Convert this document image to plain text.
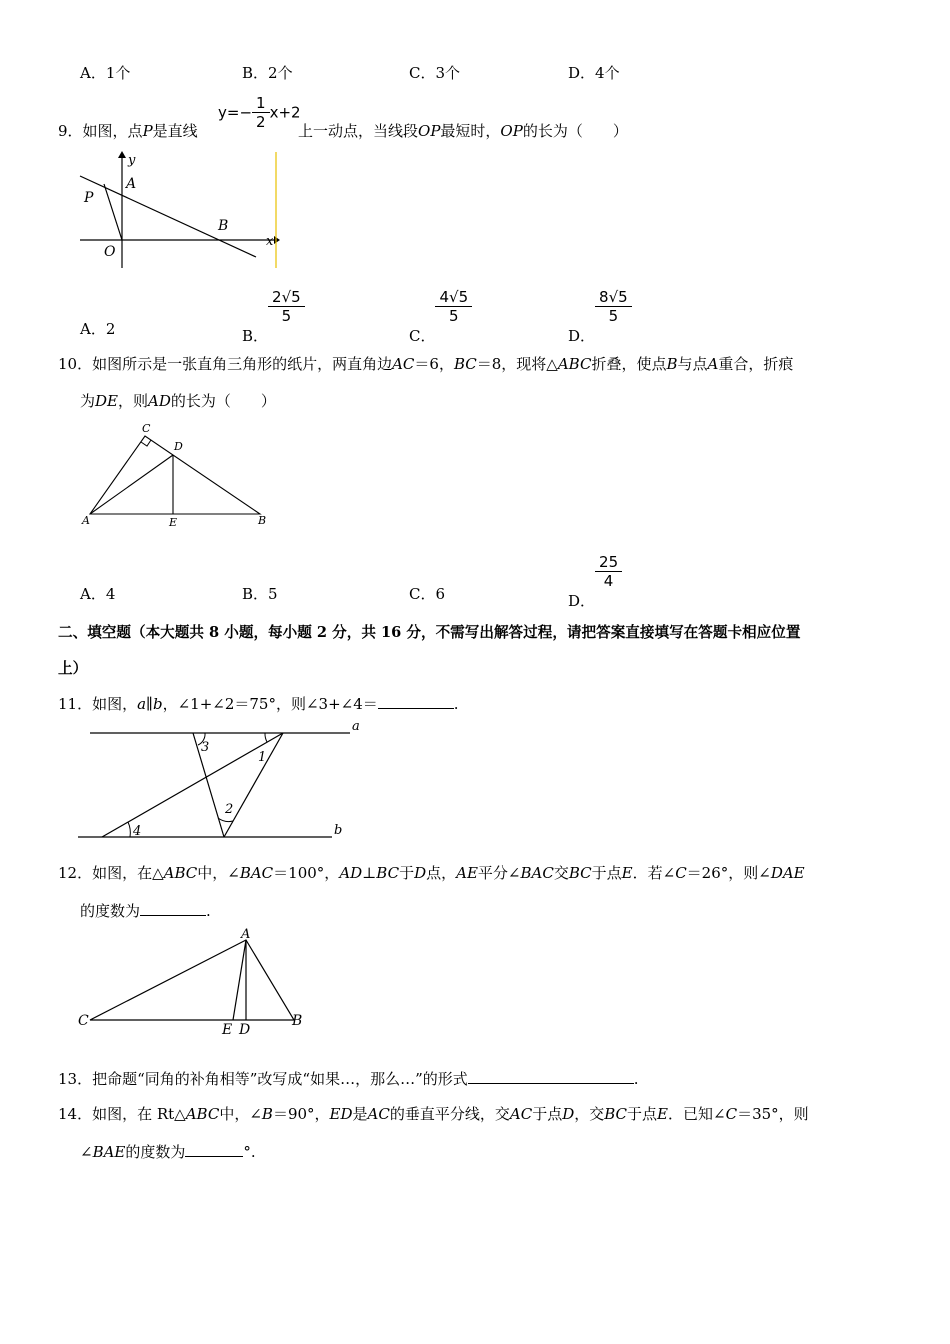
A．1个	B．2个	C．3个	D．4个
9．如图，点P是直线
$y=- \frac{1}{2} x+2$
上一动点，当线段OP最短时，OP的长为（　　）
y
x
A
B
P
O
A．2	B．
$\frac{2√5}{5}$
C．
$\frac{4√5}{5}$
D．
$\frac{8√5}{5}$
10．如图所示是一张直角三角形的纸片，两直角边AC＝6，BC＝8，现将△ABC折叠，使点B与点A重合，折痕
为DE，则AD的长为（　　）
C
D
A	E	B
A．4	B．5	C．6	D．
$\frac{25}{4}$
二、填空题（本大题共 8 小题，每小题 2 分，共 16 分，不需写出解答过程，请把答案直接填写在答题卡相应位置
上）
11．如图，a∥b，∠1+∠2＝75°，则∠3+∠4＝	.
a
b
1
2
3
4
12．如图，在△ABC中，∠BAC＝100°，AD⊥BC于D点，AE平分∠BAC交BC于点E．若∠C＝26°，则∠DAE
的度数为	.
A
C
E D
B
13．把命题“同角的补角相等”改写成“如果…，那么…”的形式	.
14．如图，在 Rt△ABC中，∠B＝90°，ED是AC的垂直平分线，交AC于点D，交BC于点E．已知∠C＝35°，则
∠BAE的度数为	°.
